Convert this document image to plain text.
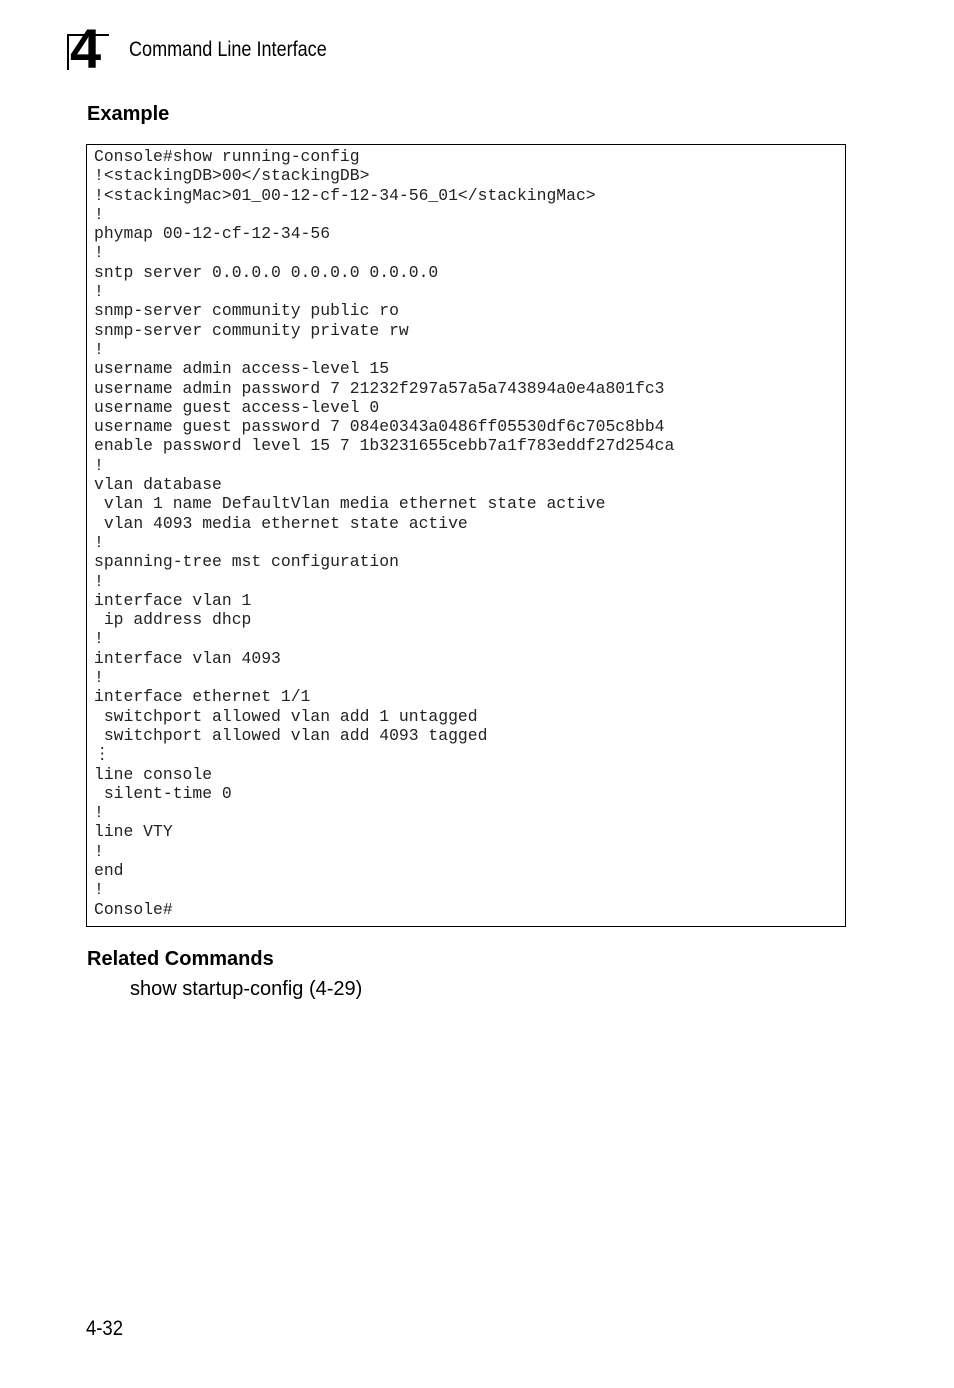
4 Command Line Interface
Example
Console#show running-config
!<stackingDB>00</stackingDB>
!<stackingMac>01_00-12-cf-12-34-56_01</stackingMac>
!
phymap 00-12-cf-12-34-56
!
sntp server 0.0.0.0 0.0.0.0 0.0.0.0
!
snmp-server community public ro
snmp-server community private rw
!
username admin access-level 15
username admin password 7 21232f297a57a5a743894a0e4a801fc3
username guest access-level 0
username guest password 7 084e0343a0486ff05530df6c705c8bb4
enable password level 15 7 1b3231655cebb7a1f783eddf27d254ca
!
vlan database
vlan 1 name DefaultVlan media ethernet state active
vlan 4093 media ethernet state active
!
spanning-tree mst configuration
!
interface vlan 1
ip address dhcp
!
interface vlan 4093
!
interface ethernet 1/1
switchport allowed vlan add 1 untagged
switchport allowed vlan add 4093 tagged
⋮
line console
silent-time 0
!
line VTY
!
end
!
Console#
Related Commands
show startup-config (4-29)
4-32
